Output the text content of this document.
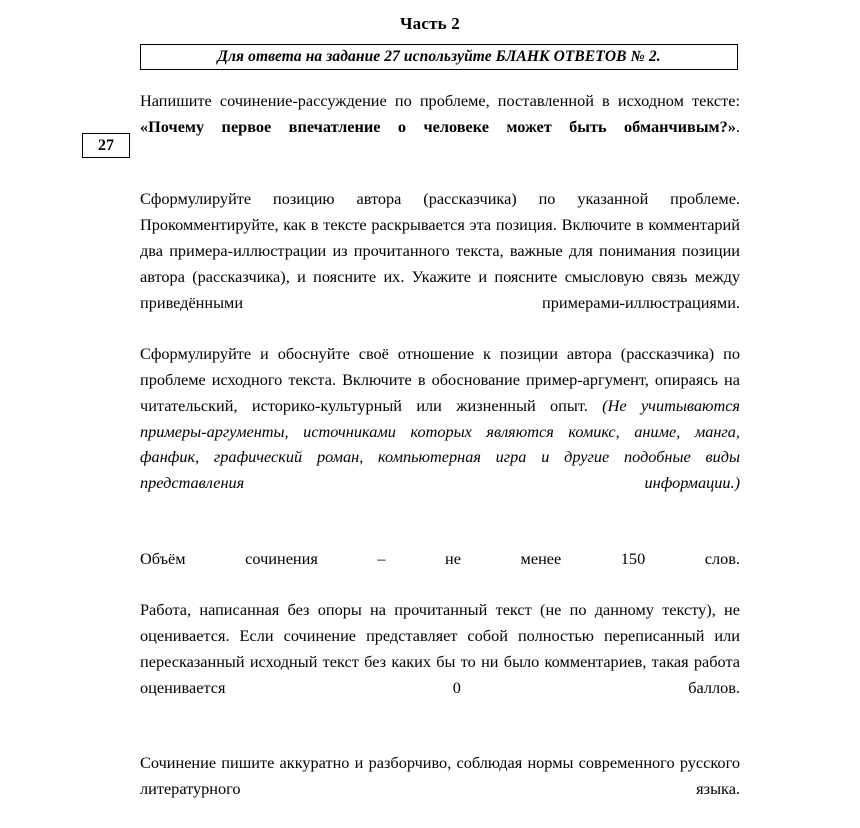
Часть 2
Для ответа на задание 27 используйте БЛАНК ОТВЕТОВ № 2.
27

Напишите сочинение-рассуждение по проблеме, поставленной в исходном тексте: «Почему первое впечатление о человеке может быть обманчивым?».

Сформулируйте позицию автора (рассказчика) по указанной проблеме. Прокомментируйте, как в тексте раскрывается эта позиция. Включите в комментарий два примера-иллюстрации из прочитанного текста, важные для понимания позиции автора (рассказчика), и поясните их. Укажите и поясните смысловую связь между приведёнными примерами-иллюстрациями.

Сформулируйте и обоснуйте своё отношение к позиции автора (рассказчика) по проблеме исходного текста. Включите в обоснование пример-аргумент, опираясь на читательский, историко-культурный или жизненный опыт. (Не учитываются примеры-аргументы, источниками которых являются комикс, аниме, манга, фанфик, графический роман, компьютерная игра и другие подобные виды представления информации.)

Объём сочинения – не менее 150 слов.

Работа, написанная без опоры на прочитанный текст (не по данному тексту), не оценивается. Если сочинение представляет собой полностью переписанный или пересказанный исходный текст без каких бы то ни было комментариев, такая работа оценивается 0 баллов.

Сочинение пишите аккуратно и разборчиво, соблюдая нормы современного русского литературного языка.
